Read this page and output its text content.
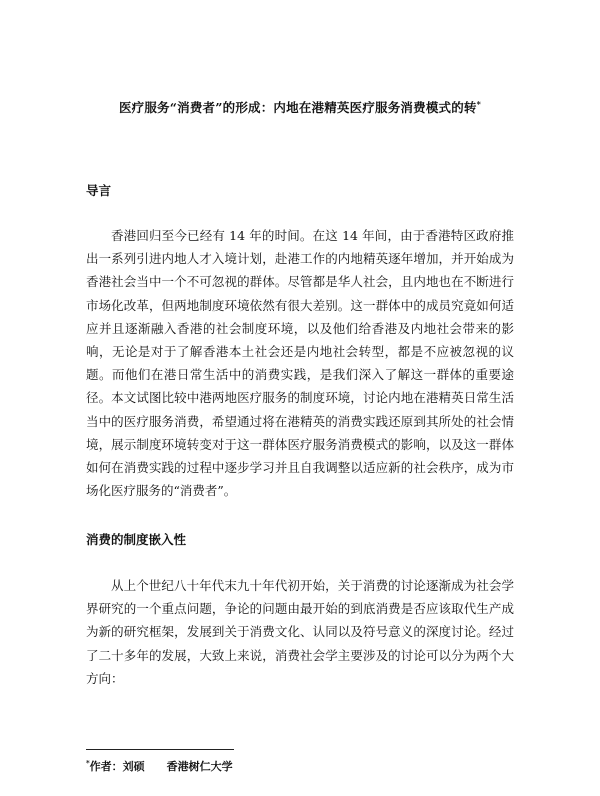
医疗服务“消费者”的形成：内地在港精英医疗服务消费模式的转*
导言

香港回归至今已经有 14 年的时间。在这 14 年间，由于香港特区政府推出一系列引进内地人才入境计划，赴港工作的内地精英逐年增加，并开始成为香港社会当中一个不可忽视的群体。尽管都是华人社会，且内地也在不断进行市场化改革，但两地制度环境依然有很大差别。这一群体中的成员究竟如何适应并且逐渐融入香港的社会制度环境，以及他们给香港及内地社会带来的影响，无论是对于了解香港本土社会还是内地社会转型，都是不应被忽视的议题。而他们在港日常生活中的消费实践，是我们深入了解这一群体的重要途径。本文试图比较中港两地医疗服务的制度环境，讨论内地在港精英日常生活当中的医疗服务消费，希望通过将在港精英的消费实践还原到其所处的社会情境，展示制度环境转变对于这一群体医疗服务消费模式的影响，以及这一群体如何在消费实践的过程中逐步学习并且自我调整以适应新的社会秩序，成为市场化医疗服务的“消费者”。

消费的制度嵌入性

从上个世纪八十年代末九十年代初开始，关于消费的讨论逐渐成为社会学界研究的一个重点问题，争论的问题由最开始的到底消费是否应该取代生产成为新的研究框架，发展到关于消费文化、认同以及符号意义的深度讨论。经过了二十多年的发展，大致上来说，消费社会学主要涉及的讨论可以分为两个大方向：

*作者：刘硕 香港树仁大学
